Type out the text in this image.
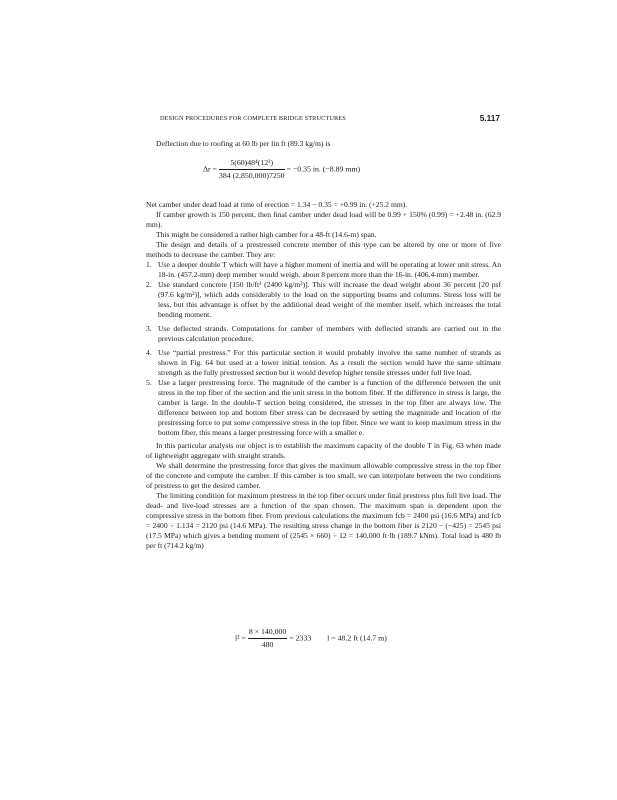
DESIGN PROCEDURES FOR COMPLETE BRIDGE STRUCTURES	5.117

Deflection due to roofing at 60 lb per lin ft (89.3 kg/m) is

$\Delta r = \frac{\text{5(60)48⁴(12³)}}{384 (2,850,000)7250} = -0.35$ in. (−8.89 mm)

Net camber under dead load at time of erection = 1.34 − 0.35 = +0.99 in. (+25.2 mm).

If camber growth is 150 percent, then final camber under dead load will be 0.99 + 150% (0.99) = +2.48 in. (62.9 mm).

This might be considered a rather high camber for a 48-ft (14.6-m) span.

The design and details of a prestressed concrete member of this type can be altered by one or more of five methods to decrease the camber. They are:

1. Use a deeper double T which will have a higher moment of inertia and will be operating at lower unit stress. An 18-in. (457.2-mm) deep member would weigh. about 8 percent more than the 16-in. (406.4-mm) member.
2. Use standard concrete [150 lb/ft³ (2400 kg/m³)]. This will increase the dead weight about 36 percent [20 psf (97.6 kg/m²)], which adds considerably to the load on the supporting beams and columns. Stress loss will be less, but this advantage is offset by the additional dead weight of the member itself, which increases the total bending moment.
3. Use deflected strands. Computations for camber of members with deflected strands are carried out in the previous calculation procedure.
4. Use “partial prestress.” For this particular section it would probably involve the same number of strands as shown in Fig. 64 but used at a lower initial tension. As a result the section would have the same ultimate strength as the fully prestressed section but it would develop higher tensile stresses under full live load.
5. Use a larger prestressing force. The magnitude of the camber is a function of the difference between the unit stress in the top fiber of the section and the unit stress in the bottom fiber. If the difference in stress is large, the camber is large. In the double-T section being considered, the stresses in the top fiber are always low. The difference between top and bottom fiber stress can be decreased by setting the magnitude and location of the prestressing force to put some compressive stress in the top fiber. Since we want to keep maximum stress in the bottom fiber, this means a larger prestressing force with a smaller e.

In this particular analysis our object is to establish the maximum capacity of the double T in Fig. 63 when made of lightweight aggregate with straight strands.

We shall determine the prestressing force that gives the maximum allowable compressive stress in the top fiber of the concrete and compute the camber. If this camber is too small, we can interpolate between the two conditions of prestress to get the desired camber.

The limiting condition for maximum prestress in the top fiber occurs under final prestress plus full live load. The dead- and live-load stresses are a function of the span chosen. The maximum span is dependent upon the compressive stress in the bottom fiber. From previous calculations the maximum fcb = 2400 psi (16.6 MPa) and fcb = 2400 ÷ 1.134 = 2120 psi (14.6 MPa). The resulting stress change in the bottom fiber is 2120 − (−425) = 2545 psi (17.5 MPa) which gives a bending moment of (2545 × 660) ÷ 12 = 140,000 ft·lb (189.7 kNm). Total load is 480 lb per ft (714.2 kg/m)

$l^2 = \frac{8 \times 140,000}{480} = 2333$ l = 48.2 ft (14.7 m)
